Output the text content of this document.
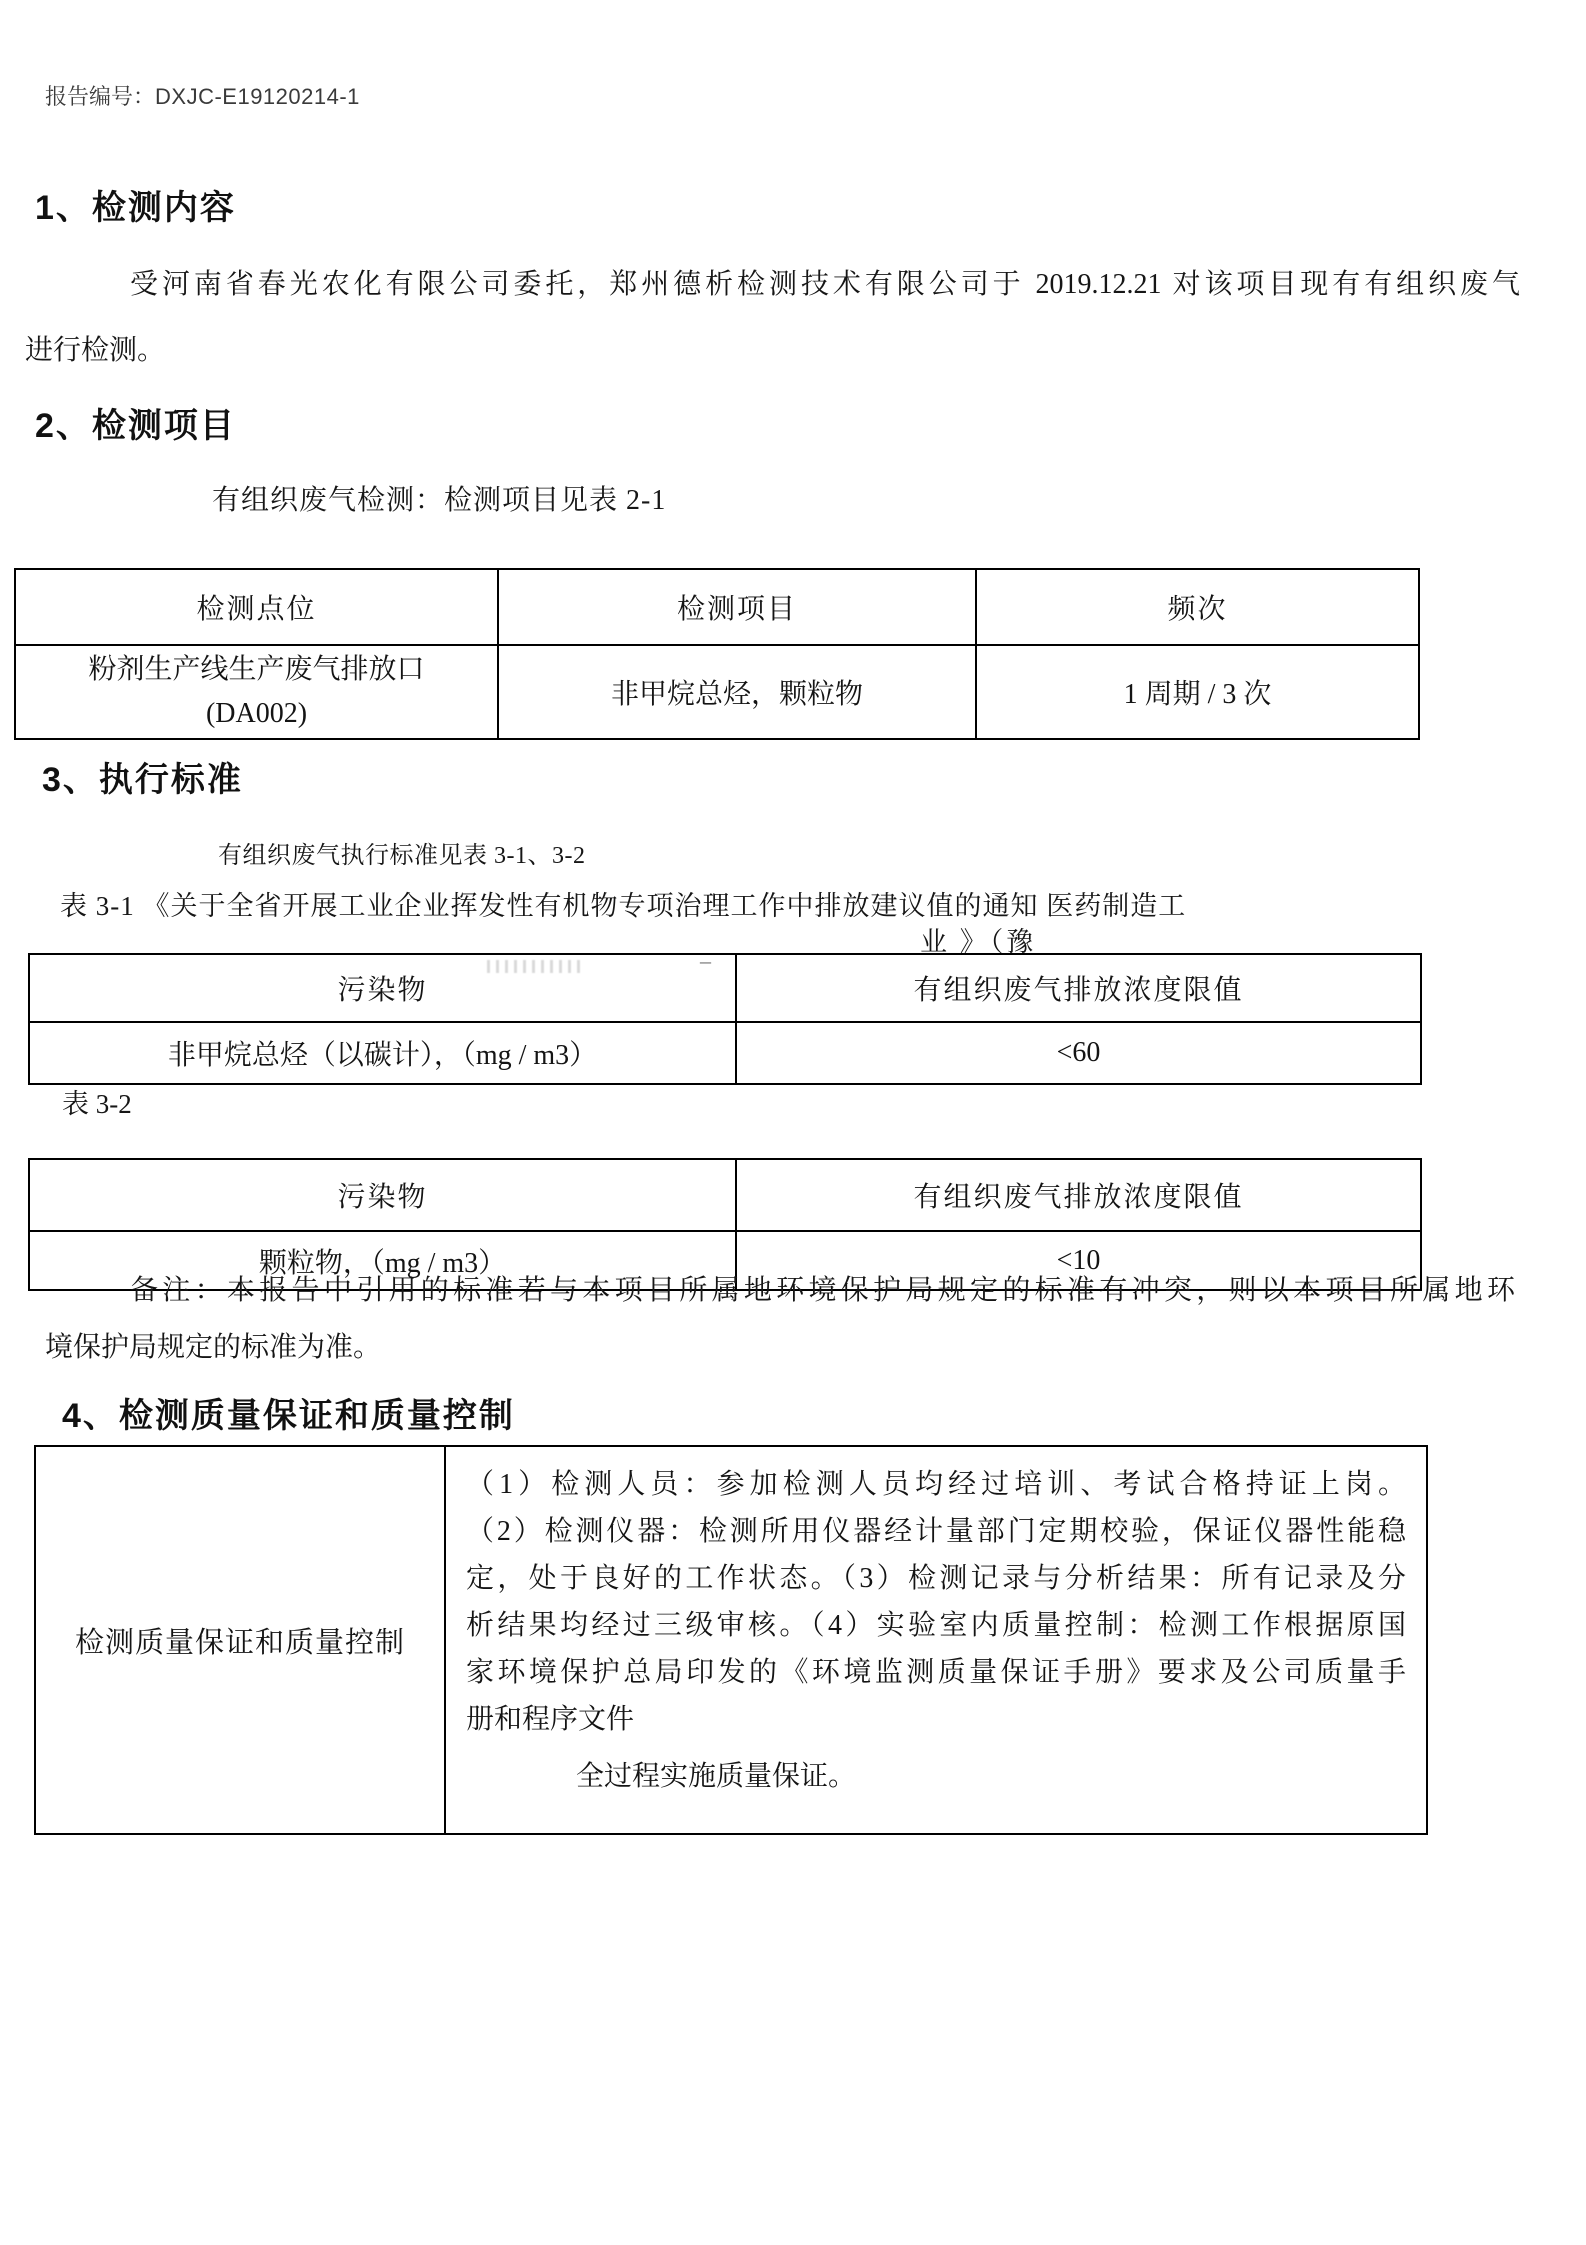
报告编号：DXJC-E19120214-1
1、检测内容
受河南省春光农化有限公司委托，郑州德析检测技术有限公司于 2019.12.21 对该项目现有有组织废气
进行检测。
2、检测项目
有组织废气检测：检测项目见表 2-1
检测点位	检测项目	频次

粉剂生产线生产废气排放口
(DA002)	非甲烷总烃，颗粒物	1 周期 / 3 次
3、执行标准
有组织废气执行标准见表 3-1、3-2
表 3-1 《关于全省开展工业企业挥发性有机物专项治理工作中排放建议值的通知 医药制造工
业 》（豫
–
污染物	有组织废气排放浓度限值
非甲烷总烃（以碳计），（mg / m3）	<60
表 3-2
污染物	有组织废气排放浓度限值
颗粒物，（mg / m3）	<10
备注：本报告中引用的标准若与本项目所属地环境保护局规定的标准有冲突，则以本项目所属地环
境保护局规定的标准为准。
4、检测质量保证和质量控制
检测质量保证和质量控制	
（1）检测人员：参加检测人员均经过培训、考试合格持证上岗。
（2）检测仪器：检测所用仪器经计量部门定期校验，保证仪器性能稳
定，处于良好的工作状态。（3）检测记录与分析结果：所有记录及分
析结果均经过三级审核。（4）实验室内质量控制：检测工作根据原国
家环境保护总局印发的《环境监测质量保证手册》要求及公司质量手
册和程序文件
全过程实施质量保证。
